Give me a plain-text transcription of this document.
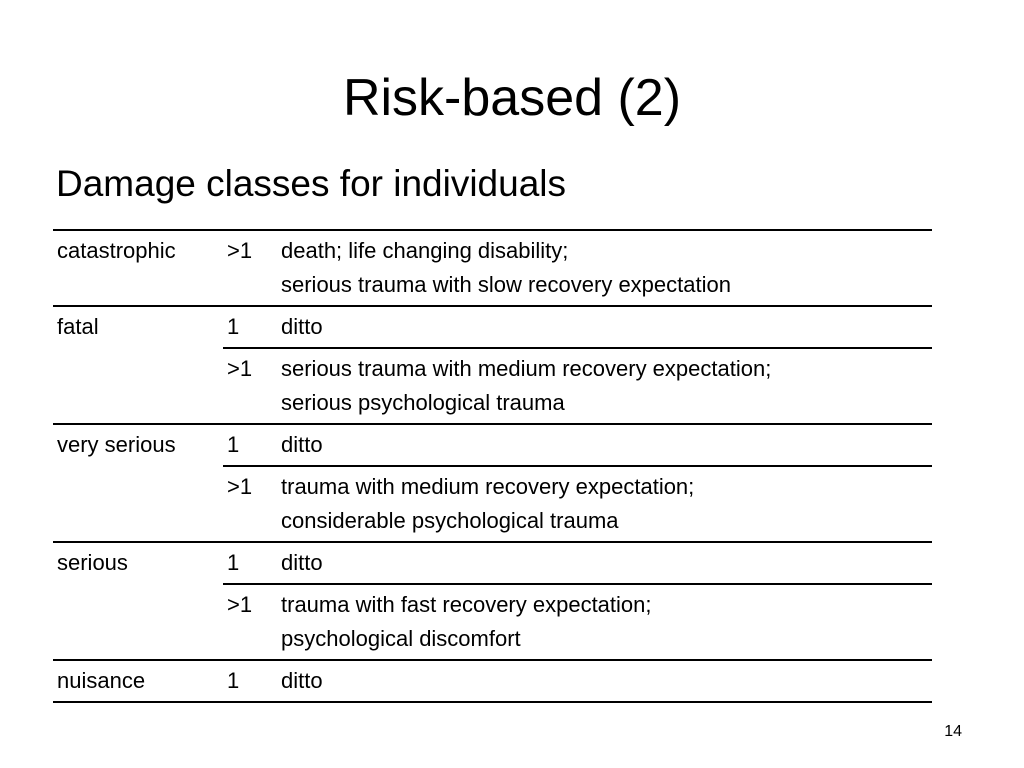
Risk-based (2)
Damage classes for individuals
catastrophic	>1	death; life changing disability;
serious trauma with slow recovery expectation

fatal	1	ditto

	>1	serious trauma with medium recovery expectation;
serious psychological trauma

very serious	1	ditto

	>1	trauma with medium recovery expectation;
considerable psychological trauma

serious	1	ditto

	>1	trauma with fast recovery expectation;
psychological discomfort

nuisance	1	ditto
14
